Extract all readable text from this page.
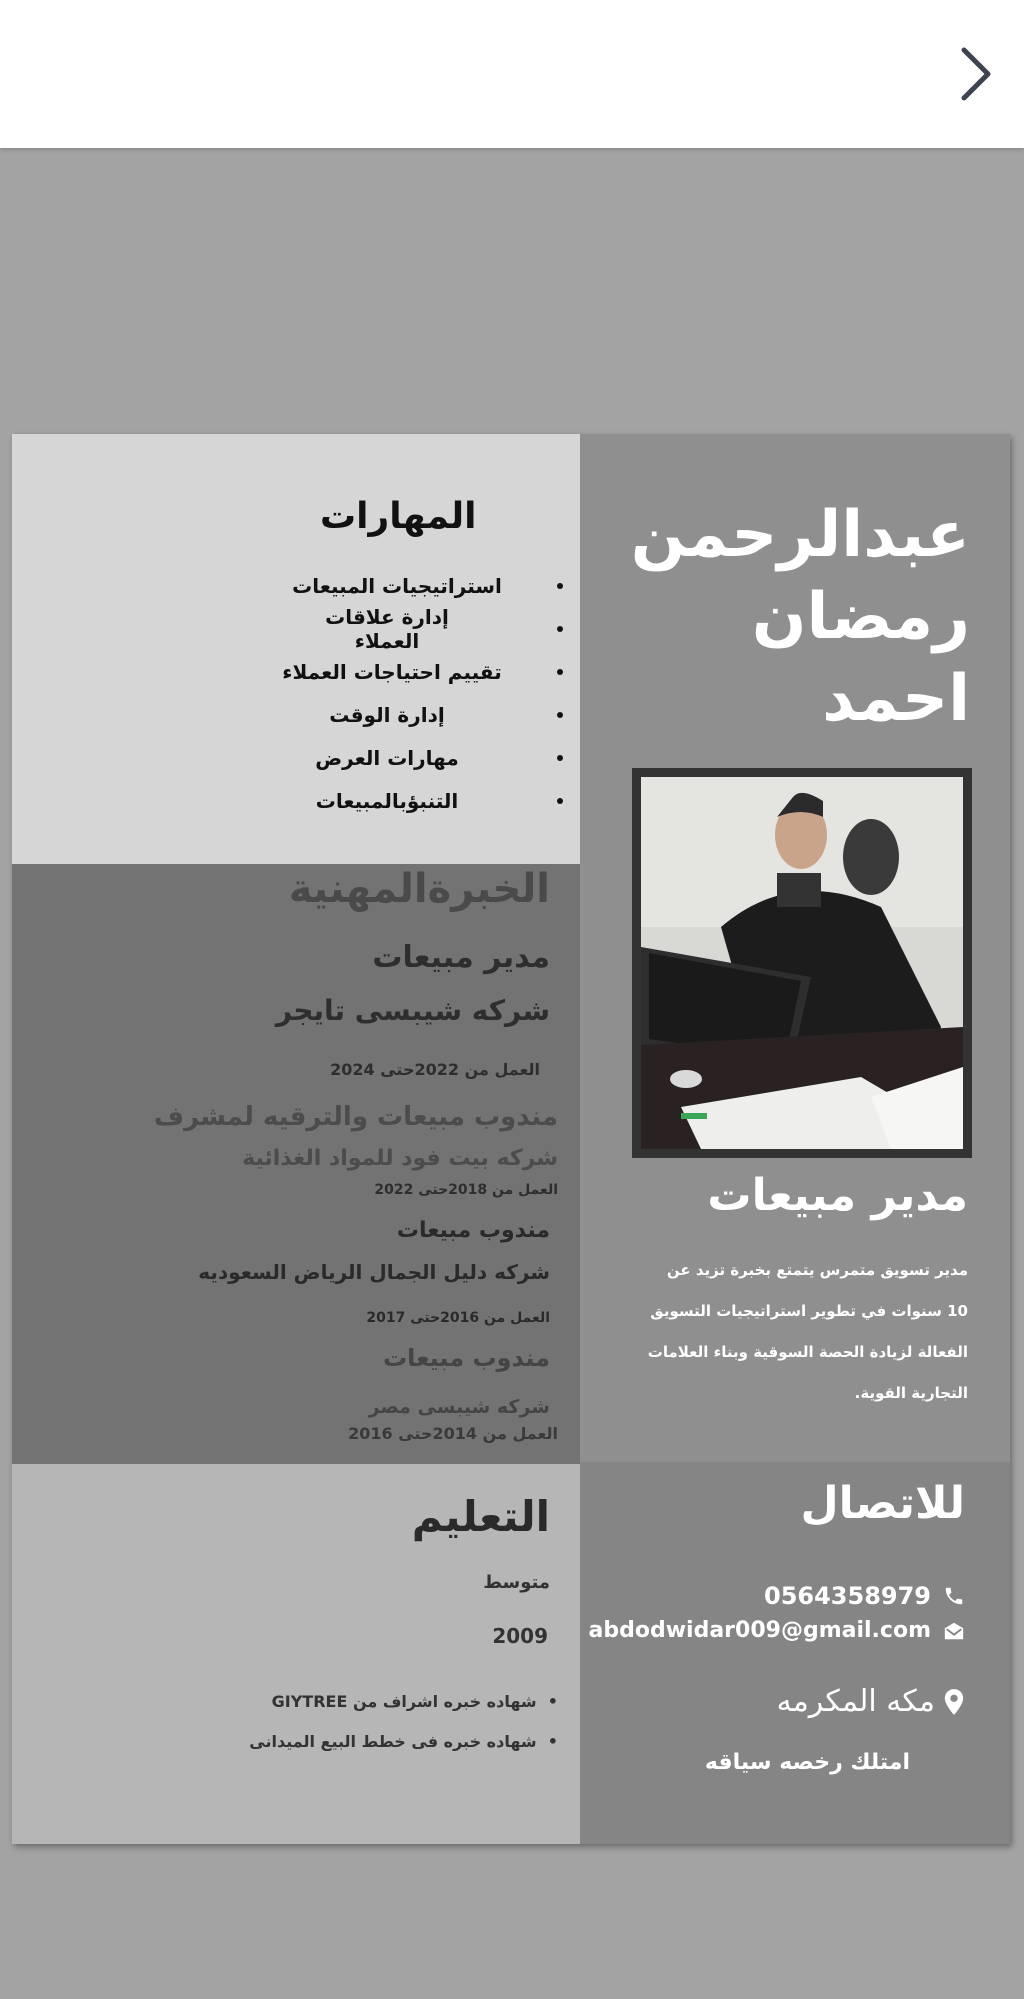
عبدالرحمن
رمضان
احمد
مدير مبيعات
مدير تسويق متمرس يتمتع بخبرة تزيد عن
10 سنوات في تطوير استراتيجيات التسويق
الفعالة لزيادة الحصة السوقية وبناء العلامات
التجارية القوية.
للاتصال
0564358979
abdodwidar009@gmail.com
مكه المكرمه
امتلك رخصه سياقه
المهارات
استراتيجيات المبيعات
إدارة علاقات العملاء
تقييم احتياجات العملاء
إدارة الوقت
مهارات العرض
التنبؤبالمبيعات
الخبرةالمهنية
مدير مبيعات
شركه شيبسى تايجر
العمل من 2022حتى 2024
مندوب مبيعات والترقيه لمشرف
شركه بيت فود للمواد الغذائية
العمل من 2018حتى 2022
مندوب مبيعات
شركه دليل الجمال الرياض السعوديه
العمل من 2016حتى 2017
مندوب مبيعات
شركه شيبسى مصر
العمل من 2014حتى 2016
التعليم
متوسط
2009
•  شهاده خبره اشراف من GIYTREE
•  شهاده خبره فى خطط البيع الميدانى
